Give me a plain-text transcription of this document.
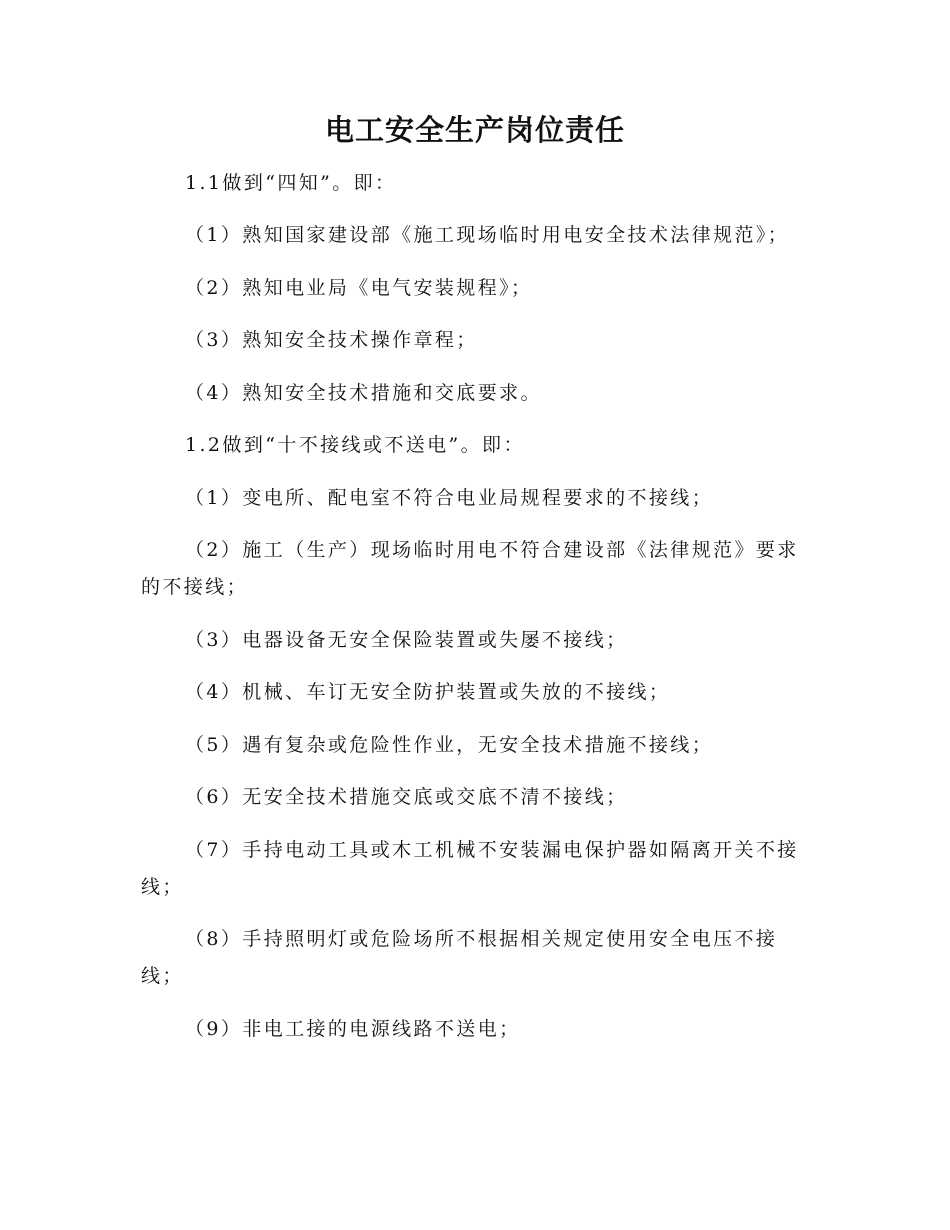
电工安全生产岗位责任
1.1做到“四知”。即：
（1）熟知国家建设部《施工现场临时用电安全技术法律规范》；
（2）熟知电业局《电气安装规程》；
（3）熟知安全技术操作章程；
（4）熟知安全技术措施和交底要求。
1.2做到“十不接线或不送电”。即：
（1）变电所、配电室不符合电业局规程要求的不接线；
（2）施工（生产）现场临时用电不符合建设部《法律规范》要求的不接线；
（3）电器设备无安全保险装置或失屡不接线；
（4）机械、车订无安全防护装置或失放的不接线；
（5）遇有复杂或危险性作业，无安全技术措施不接线；
（6）无安全技术措施交底或交底不清不接线；
（7）手持电动工具或木工机械不安装漏电保护器如隔离开关不接线；
（8）手持照明灯或危险场所不根据相关规定使用安全电压不接线；
（9）非电工接的电源线路不送电；
